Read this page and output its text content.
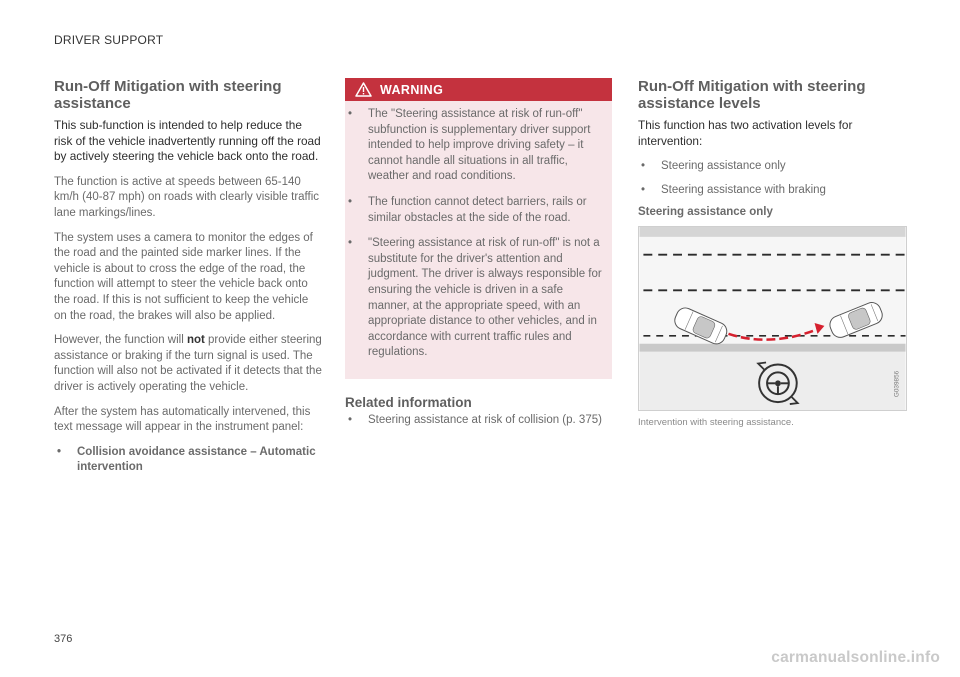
DRIVER SUPPORT
Run-Off Mitigation with steering assistance

This sub-function is intended to help reduce the risk of the vehicle inadvertently running off the road by actively steering the vehicle back onto the road.

The function is active at speeds between 65-140 km/h (40-87 mph) on roads with clearly visible traffic lane markings/lines.

The system uses a camera to monitor the edges of the road and the painted side marker lines. If the vehicle is about to cross the edge of the road, the function will attempt to steer the vehicle back onto the road. If this is not sufficient to keep the vehicle on the road, the brakes will also be applied.

However, the function will not provide either steering assistance or braking if the turn signal is used. The function will also not be activated if it detects that the driver is actively operating the vehicle.

After the system has automatically intervened, this text message will appear in the instrument panel:

• Collision avoidance assistance – Automatic intervention
WARNING
• The "Steering assistance at risk of run-off" subfunction is supplementary driver support intended to help improve driving safety – it cannot handle all situations in all traffic, weather and road conditions.
• The function cannot detect barriers, rails or similar obstacles at the side of the road.
• "Steering assistance at risk of run-off" is not a substitute for the driver's attention and judgment. The driver is always responsible for ensuring the vehicle is driven in a safe manner, at the appropriate speed, with an appropriate distance to other vehicles, and in accordance with current traffic rules and regulations.
Related information
• Steering assistance at risk of collision (p. 375)
Run-Off Mitigation with steering assistance levels

This function has two activation levels for intervention:

• Steering assistance only
• Steering assistance with braking
Steering assistance only
G039856
Intervention with steering assistance.
376
carmanualsonline.info
